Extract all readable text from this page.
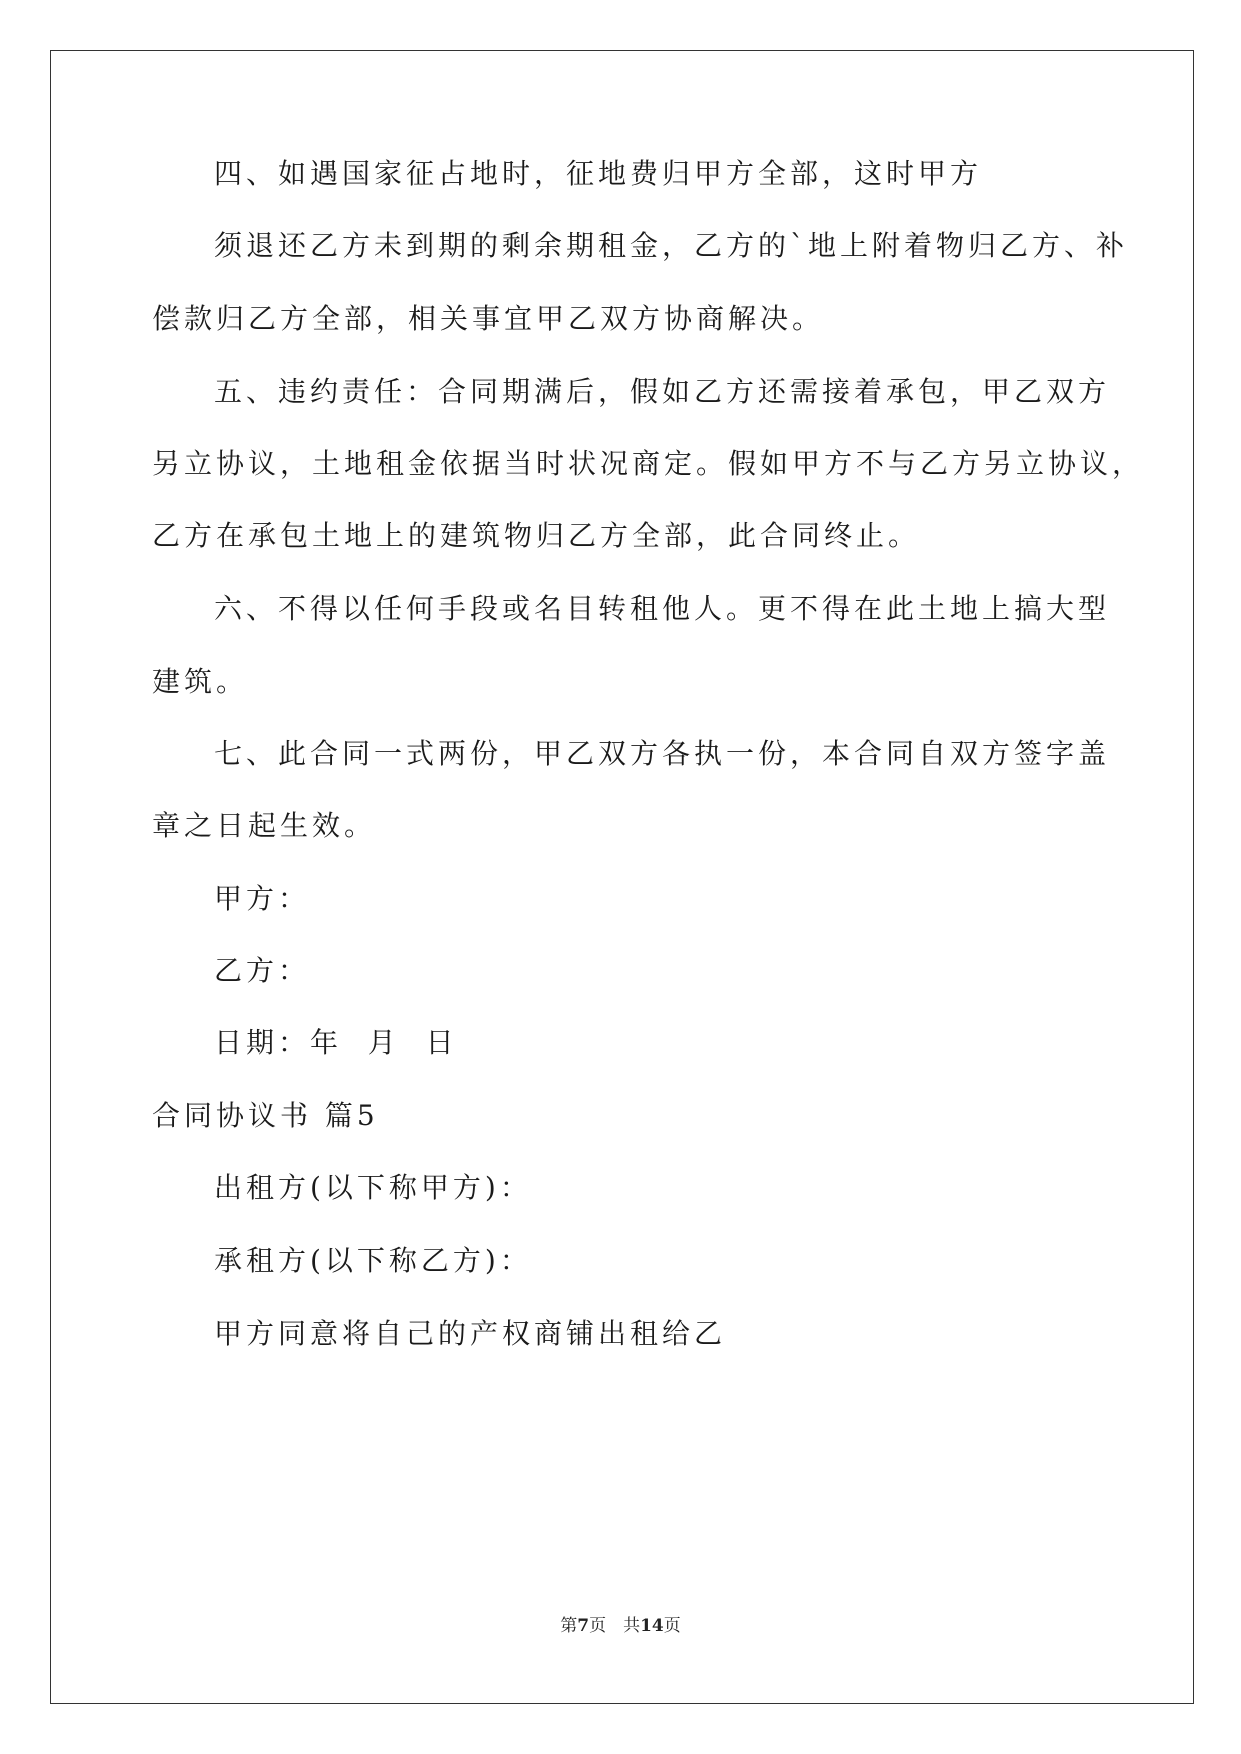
四、如遇国家征占地时，征地费归甲方全部，这时甲方
须退还乙方未到期的剩余期租金，乙方的`地上附着物归乙方、补
偿款归乙方全部，相关事宜甲乙双方协商解决。
五、违约责任：合同期满后，假如乙方还需接着承包，甲乙双方
另立协议，土地租金依据当时状况商定。假如甲方不与乙方另立协议，
乙方在承包土地上的建筑物归乙方全部，此合同终止。
六、不得以任何手段或名目转租他人。更不得在此土地上搞大型
建筑。
七、此合同一式两份，甲乙双方各执一份，本合同自双方签字盖
章之日起生效。
甲方：
乙方：
日期：年  月  日
合同协议书 篇5
出租方(以下称甲方)：
承租方(以下称乙方)：
甲方同意将自己的产权商铺出租给乙
第7页　共14页
